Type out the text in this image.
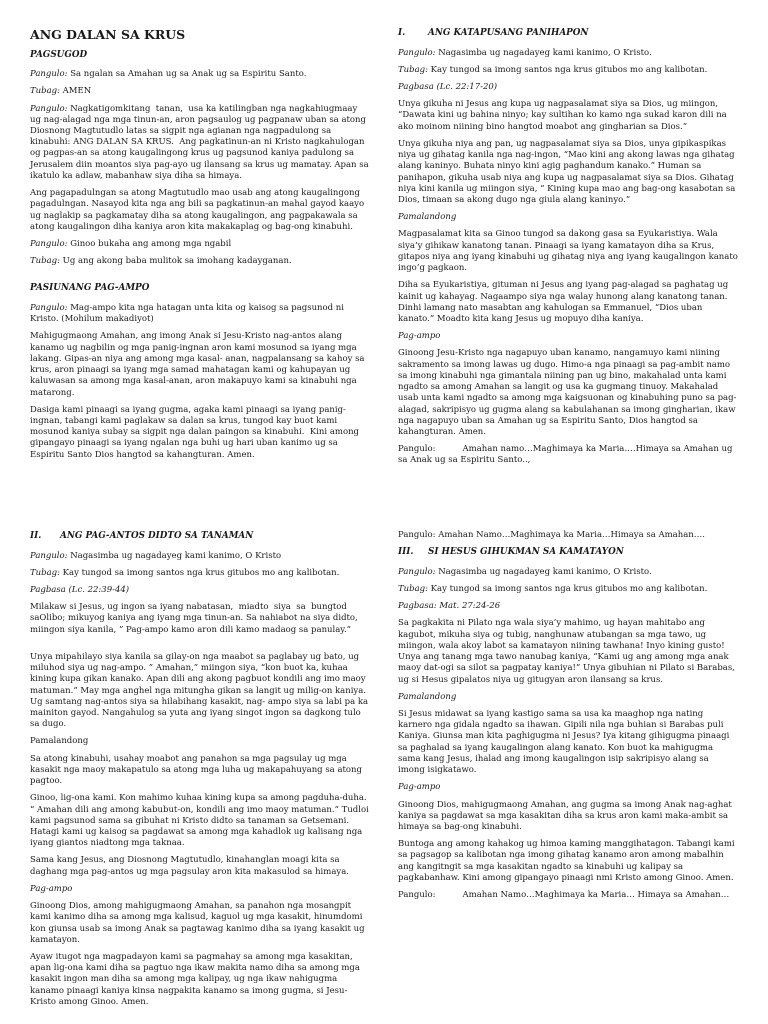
ANG DALAN SA KRUS
PAGSUGOD

Pangulo: Sa ngalan sa Amahan ug sa Anak ug sa Espiritu Santo.

Tubag: AMEN

Pangulo: Nagkatigomkitang  tanan,  usa ka katilingban nga nagkahiugmaay ug nag-alagad nga mga tinun-an, aron pagsaulog ug pagpanaw uban sa atong Diosnong Magtutudlo latas sa sigpit nga agianan nga nagpadulong sa kinabuhi: ANG DALAN SA KRUS.  Ang pagkatinun-an ni Kristo nagkahulogan og pagpas-an sa atong kaugalingong krus ug pagsunod kaniya padulong sa Jerusalem diin moantos siya pag-ayo ug ilansang sa krus ug mamatay. Apan sa ikatulo ka adlaw, mabanhaw siya diha sa himaya.

Ang pagapadulngan sa atong Magtutudlo mao usab ang atong kaugalingong pagadulngan. Nasayod kita nga ang bili sa pagkatinun-an mahal gayod kaayo ug naglakip sa pagkamatay diha sa atong kaugalingon, ang pagpakawala sa atong kaugalingon diha kaniya aron kita makakaplag og bag-ong kinabuhi.

Pangulo: Ginoo bukaha ang among mga ngabil

Tubag: Ug ang akong baba mulitok sa imohang kadayganan.

PASIUNANG PAG-AMPO

Pangulo: Mag-ampo kita nga hatagan unta kita og kaisog sa pagsunod ni Kristo. (Mohilum makadiyot)

Mahigugmaong Amahan, ang imong Anak si Jesu-Kristo nag-antos alang kanamo ug nagbilin og mga panig-ingnan aron kami mosunod sa iyang mga lakang. Gipas-an niya ang among mga kasal- anan, nagpalansang sa kahoy sa krus, aron pinaagi sa iyang mga samad mahatagan kami og kahupayan ug kaluwasan sa among mga kasal-anan, aron makapuyo kami sa kinabuhi nga matarong.

Dasiga kami pinaagi sa iyang gugma, agaka kami pinaagi sa iyang panig- ingnan, tabangi kami paglakaw sa dalan sa krus, tungod kay buot kami mosunod kaniya subay sa sigpit nga dalan paingon sa kinabuhi.  Kini among gipangayo pinaagi sa iyang ngalan nga buhi ug hari uban kanimo ug sa Espiritu Santo Dios hangtod sa kahangturan. Amen.

I.	ANG KATAPUSANG PANIHAPON

Pangulo: Nagasimba ug nagadayeg kami kanimo, O Kristo.

Tubag: Kay tungod sa imong santos nga krus gitubos mo ang kalibotan.

Pagbasa (Lc. 22:17-20)

Unya gikuha ni Jesus ang kupa ug nagpasalamat siya sa Dios, ug miingon, “Dawata kini ug bahina ninyo; kay sultihan ko kamo nga sukad karon dili na ako moinom niining bino hangtod moabot ang gingharian sa Dios.”

Unya gikuha niya ang pan, ug nagpasalamat siya sa Dios, unya gipikaspikas niya ug gihatag kanila nga nag-ingon, “Mao kini ang akong lawas nga gihatag alang kaninyo. Buhata ninyo kini agig paghandum kanako.” Human sa panihapon, gikuha usab niya ang kupa ug nagpasalamat siya sa Dios. Gihatag niya kini kanila ug miingon siya, “ Kining kupa mao ang bag-ong kasabotan sa Dios, timaan sa akong dugo nga giula alang kaninyo.”

Pamalandong

Magpasalamat kita sa Ginoo tungod sa dakong gasa sa Eyukaristiya. Wala siya’y gihikaw kanatong tanan. Pinaagi sa iyang kamatayon diha sa Krus, gitapos niya ang iyang kinabuhi ug gihatag niya ang iyang kaugalingon kanato ingo’g pagkaon.

Diha sa Eyukaristiya, gituman ni Jesus ang iyang pag-alagad sa paghatag ug kainit ug kahayag. Nagaampo siya nga walay hunong alang kanatong tanan. Dinhi lamang nato masabtan ang kahulogan sa Emmanuel, “Dios uban kanato.” Moadto kita kang Jesus ug mopuyo diha kaniya.

Pag-ampo

Ginoong Jesu-Kristo nga nagapuyo uban kanamo, nangamuyo kami niining sakramento sa imong lawas ug dugo. Himo-a nga pinaagi sa pag-ambit namo sa imong kinabuhi nga gimantala niining pan ug bino, makahalad unta kami ngadto sa among Amahan sa langit og usa ka gugmang tinuoy. Makahalad usab unta kami ngadto sa among mga kaigsuonan og kinabuhing puno sa pag-alagad, sakripisyo ug gugma alang sa kabulahanan sa imong gingharian, ikaw nga nagapuyo uban sa Amahan ug sa Espiritu Santo, Dios hangtod sa kahangturan. Amen.

Pangulo:          Amahan namo…Maghimaya ka Maria….Himaya sa Amahan ug sa Anak ug sa Espiritu Santo..,

II. ANG PAG-ANTOS DIDTO SA TANAMAN

Pangulo: Nagasimba ug nagadayeg kami kanimo, O Kristo

Tubag: Kay tungod sa imong santos nga krus gitubos mo ang kalibotan.

Pagbasa (Lc. 22:39-44)

Milakaw si Jesus, ug ingon sa iyang nabatasan,  miadto  siya  sa  bungtod  saOlibo; mikuyog kaniya ang iyang mga tinun-an. Sa nahiabot na siya didto, miingon siya kanila, ” Pag-ampo kamo aron dili kamo madaog sa panulay.”

Unya mipahilayo siya kanila sa gilay-on nga maabot sa paglabay ug bato, ug miluhod siya ug nag-ampo. ” Amahan,” miingon siya, “kon buot ka, kuhaa kining kupa gikan kanako. Apan dili ang akong pagbuot kondili ang imo maoy matuman.” May mga anghel nga mitungha gikan sa langit ug milig-on kaniya. Ug samtang nag-antos siya sa hilabihang kasakit, nag- ampo siya sa labi pa ka mainiton gayod. Nangahulog sa yuta ang iyang singot ingon sa dagkong tulo sa dugo.

Pamalandong

Sa atong kinabuhi, usahay moabot ang panahon sa mga pagsulay ug mga kasakit nga maoy makapatulo sa atong mga luha ug makapahuyang sa atong pagtoo.

Ginoo, lig-ona kami. Kon mahimo kuhaa kining kupa sa among pagduha-duha. “ Amahan dili ang among kabubut-on, kondili ang imo maoy matuman.” Tudloi kami pagsunod sama sa gibuhat ni Kristo didto sa tanaman sa Getsemani. Hatagi kami ug kaisog sa pagdawat sa among mga kahadlok ug kalisang nga iyang giantos niadtong mga taknaa.

Sama kang Jesus, ang Diosnong Magtutudlo, kinahanglan moagi kita sa daghang mga pag-antos ug mga pagsulay aron kita makasulod sa himaya.

Pag-ampo

Ginoong Dios, among mahigugmaong Amahan, sa panahon nga mosangpit kami kanimo diha sa among mga kalisud, kaguol ug mga kasakit, hinumdomi kon giunsa usab sa imong Anak sa pagtawag kanimo diha sa iyang kasakit ug kamatayon.

Ayaw itugot nga magpadayon kami sa pagmahay sa among mga kasakitan, apan lig-ona kami diha sa pagtuo nga ikaw makita namo diha sa among mga kasakit ingon man diha sa among mga kalipay, ug nga ikaw nahigugma kanamo pinaagi kaniya kinsa nagpakita kanamo sa imong gugma, si Jesu-Kristo among Ginoo. Amen.

Pangulo: Amahan Namo…Maghimaya ka Maria…Himaya sa Amahan….

III. SI HESUS GIHUKMAN SA KAMATAYON

Pangulo: Nagasimba ug nagadayeg kami kanimo, O Kristo.

Tubag: Kay tungod sa imong santos nga krus gitubos mo ang kalibotan.

Pagbasa: Mat. 27:24-26

Sa pagkakita ni Pilato nga wala siya’y mahimo, ug hayan mahitabo ang kagubot, mikuha siya og tubig, nanghunaw atubangan sa mga tawo, ug miingon, wala akoy labot sa kamatayon niining tawhana! Inyo kining gusto! Unya ang tanang mga tawo nanubag kaniya, “Kami ug ang among mga anak maoy dat-ogi sa silot sa pagpatay kaniya!” Unya gibuhian ni Pilato si Barabas, ug si Hesus gipalatos niya ug gitugyan aron ilansang sa krus.

Pamalandong

Si Jesus midawat sa iyang kastigo sama sa usa ka maaghop nga nating karnero nga gidala ngadto sa ihawan. Gipili nila nga buhian si Barabas puli Kaniya. Giunsa man kita paghigugma ni Jesus? Iya kitang gihigugma pinaagi sa paghalad sa iyang kaugalingon alang kanato. Kon buot ka mahigugma sama kang Jesus, ihalad ang imong kaugalingon isip sakripisyo alang sa imong isigkatawo.

Pag-ampo

Ginoong Dios, mahigugmaong Amahan, ang gugma sa imong Anak nag-aghat kaniya sa pagdawat sa mga kasakitan diha sa krus aron kami maka-ambit sa himaya sa bag-ong kinabuhi.

Buntoga ang among kahakog ug himoa kaming manggihatagon. Tabangi kami sa pagsagop sa kalibotan nga imong gihatag kanamo aron among mabalhin ang kangitngit sa mga kasakitan ngadto sa kinabuhi ug kalipay sa pagkabanhaw. Kini among gipangayo pinaagi nmi Kristo among Ginoo. Amen.

Pangulo:          Amahan Namo…Maghimaya ka Maria… Himaya sa Amahan…
